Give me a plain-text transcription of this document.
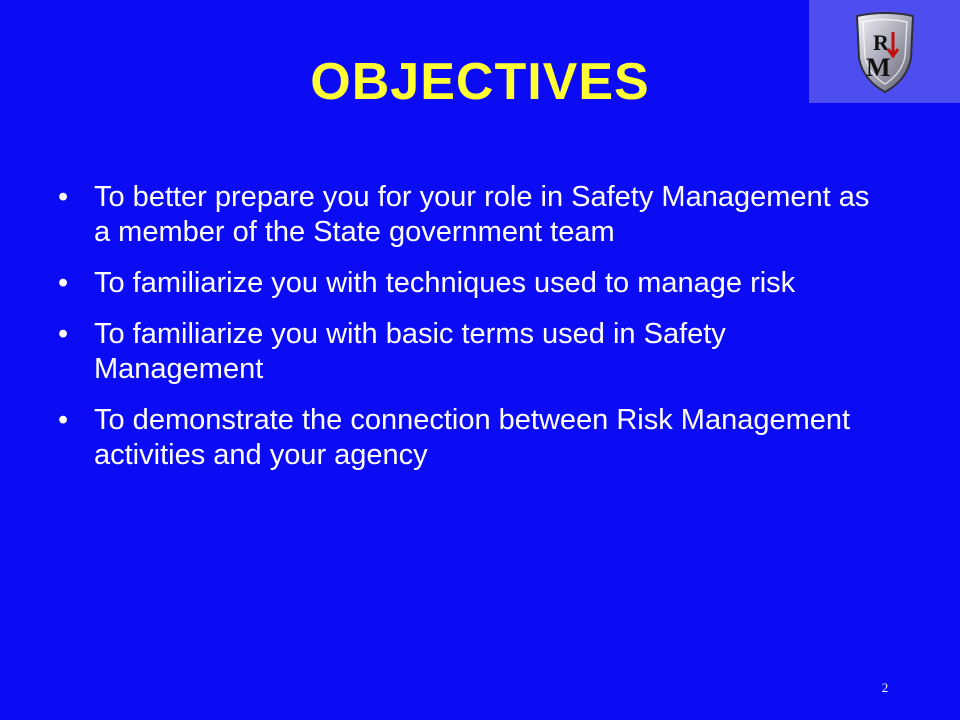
R
M
OBJECTIVES
• To better prepare you for your role in Safety Management as a member of the State government team
• To familiarize you with techniques used to manage risk
• To familiarize you with basic terms used in Safety Management
• To demonstrate the connection between Risk Management activities and your agency
2
